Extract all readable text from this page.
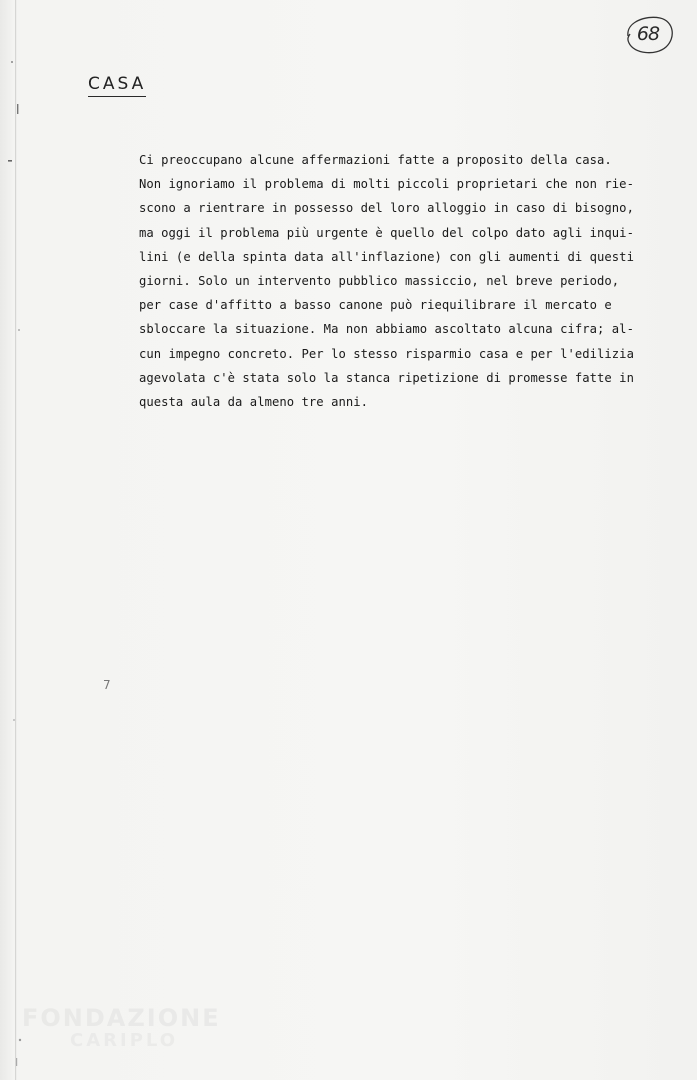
68
CASA
Ci preoccupano alcune affermazioni fatte a proposito della casa.
Non ignoriamo il problema di molti piccoli proprietari che non rie-
scono a rientrare in possesso del loro alloggio in caso di bisogno,
ma oggi il problema più urgente è quello del colpo dato agli inqui-
lini (e della spinta data all'inflazione) con gli aumenti di questi
giorni. Solo un intervento pubblico massiccio, nel breve periodo,
per case d'affitto a basso canone può riequilibrare il mercato e
sbloccare la situazione. Ma non abbiamo ascoltato alcuna cifra; al-
cun impegno concreto. Per lo stesso risparmio casa e per l'edilizia
agevolata c'è stata solo la stanca ripetizione di promesse fatte in
questa aula da almeno tre anni.
7
FONDAZIONE
CARIPLO
